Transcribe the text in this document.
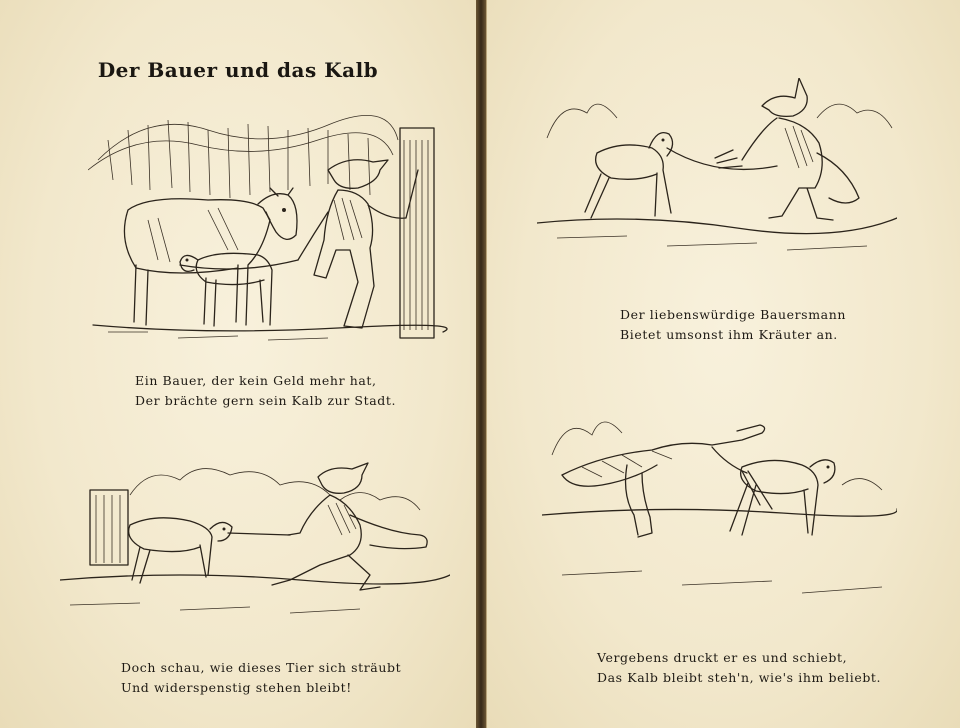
Der Bauer und das Kalb
Ein Bauer, der kein Geld mehr hat,
Der brächte gern sein Kalb zur Stadt.
Doch schau, wie dieses Tier sich sträubt
Und widerspenstig stehen bleibt!
Der liebenswürdige Bauersmann
Bietet umsonst ihm Kräuter an.
Vergebens druckt er es und schiebt,
Das Kalb bleibt steh'n, wie's ihm beliebt.
